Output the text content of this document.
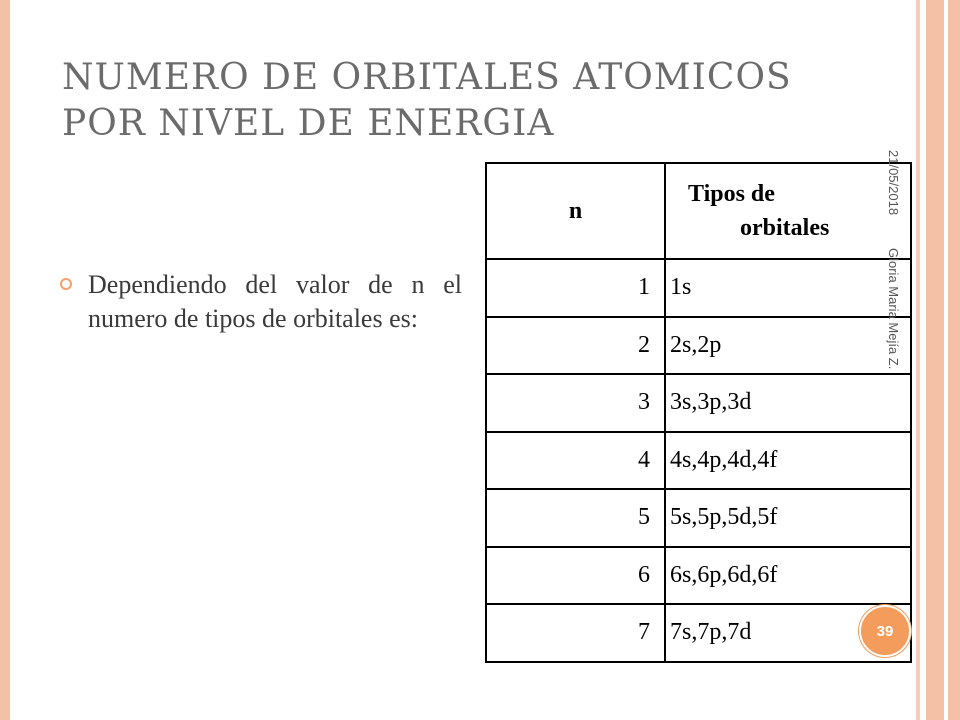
NUMERO DE ORBITALES ATOMICOS POR NIVEL DE ENERGIA

Dependiendo del valor de n el numero de tipos de orbitales es:

n	Tipos de
orbitales

1	1s
2	2s,2p
3	3s,3p,3d
4	4s,4p,4d,4f
5	5s,5p,5d,5f
6	6s,6p,6d,6f
7	7s,7p,7d
21/05/2018
Gloria Maria Mejía Z.
39
